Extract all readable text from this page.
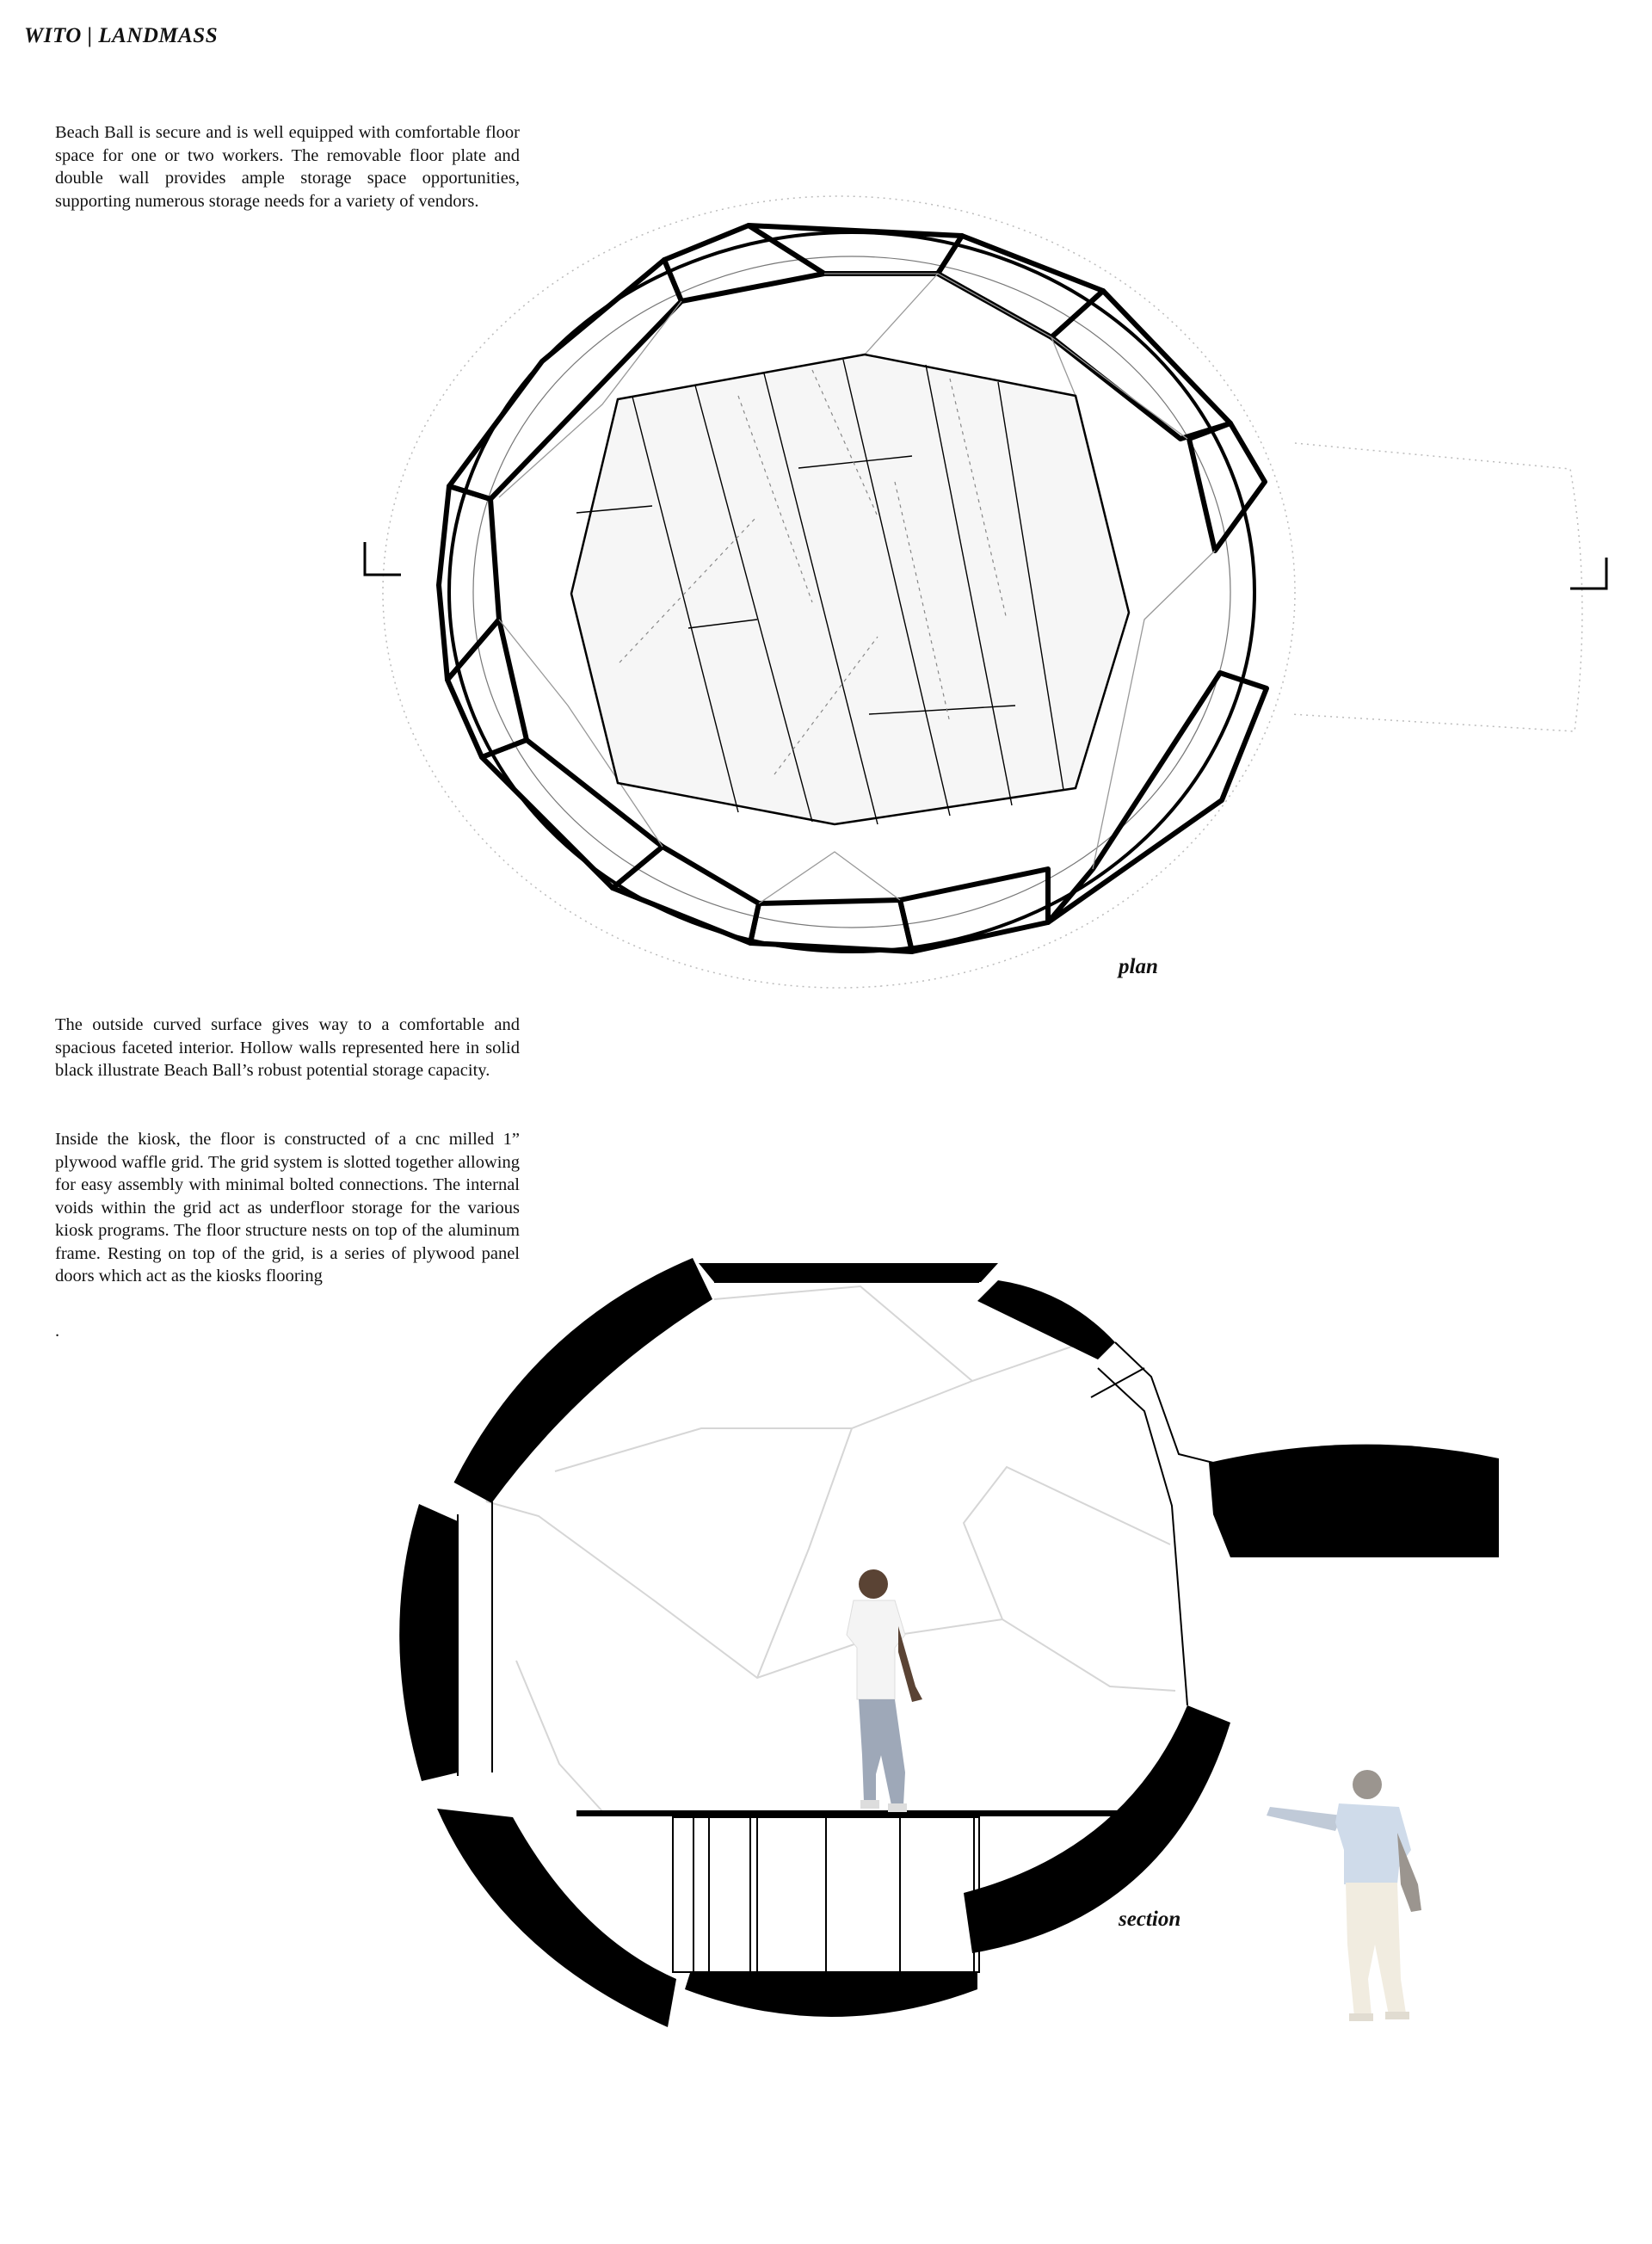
WITO | LANDMASS

Beach Ball is secure and is well equipped with comfortable floor space for one or two workers. The removable floor plate and double wall provides ample storage space opportunities, supporting numerous storage needs for a variety of vendors.

The outside curved surface gives way to a comfortable and spacious faceted interior. Hollow walls represented here in solid black illustrate Beach Ball’s robust potential storage capacity.

Inside the kiosk, the floor is constructed of a cnc milled 1” plywood waffle grid. The grid system is slotted together allowing for easy assembly with minimal bolted connections. The internal voids within the grid act as underfloor storage for the various kiosk programs. The floor structure nests on top of the aluminum frame. Resting on top of the grid, is a series of plywood panel doors which act as the kiosks flooring

.

plan
section
